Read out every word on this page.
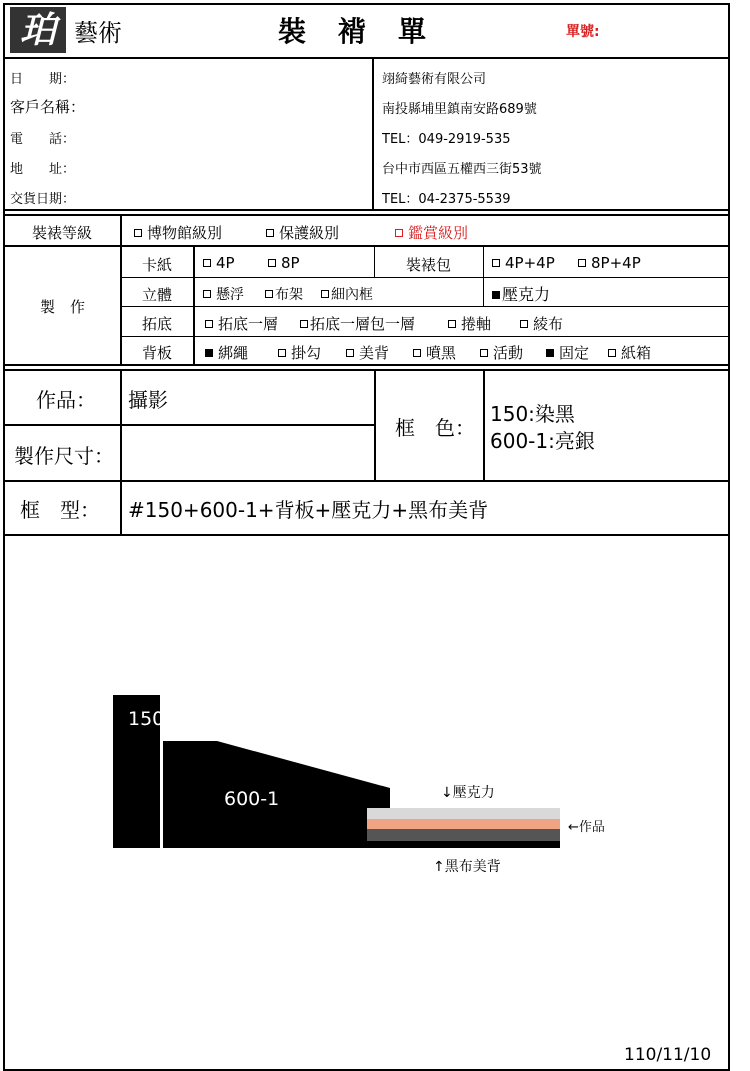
珀 藝術	裝　褙　單	單號:
日　　期：
客戶名稱：
電　　話：
地　　址：
交貨日期：
翊綺藝術有限公司
南投縣埔里鎮南安路689號
TEL：049-2919-535
台中市西區五權西三街53號
TEL：04-2375-5539
裝裱等級	博物館級別	保護級別	鑑賞級別
製　作
卡紙	4P	8P	裝裱包	4P+4P	8P+4P
立體	懸浮	布架	細內框	壓克力
拓底	拓底一層	拓底一層包一層	捲軸	綾布
背板	綁繩	掛勾	美背	噴黑	活動	固定	紙箱
作品： 攝影
製作尺寸：
框　色：
150:染黑
600-1:亮銀
框　型： #150+600-1+背板+壓克力+黑布美背
150
600-1	↓壓克力
←作品
↑黑布美背
110/11/10
